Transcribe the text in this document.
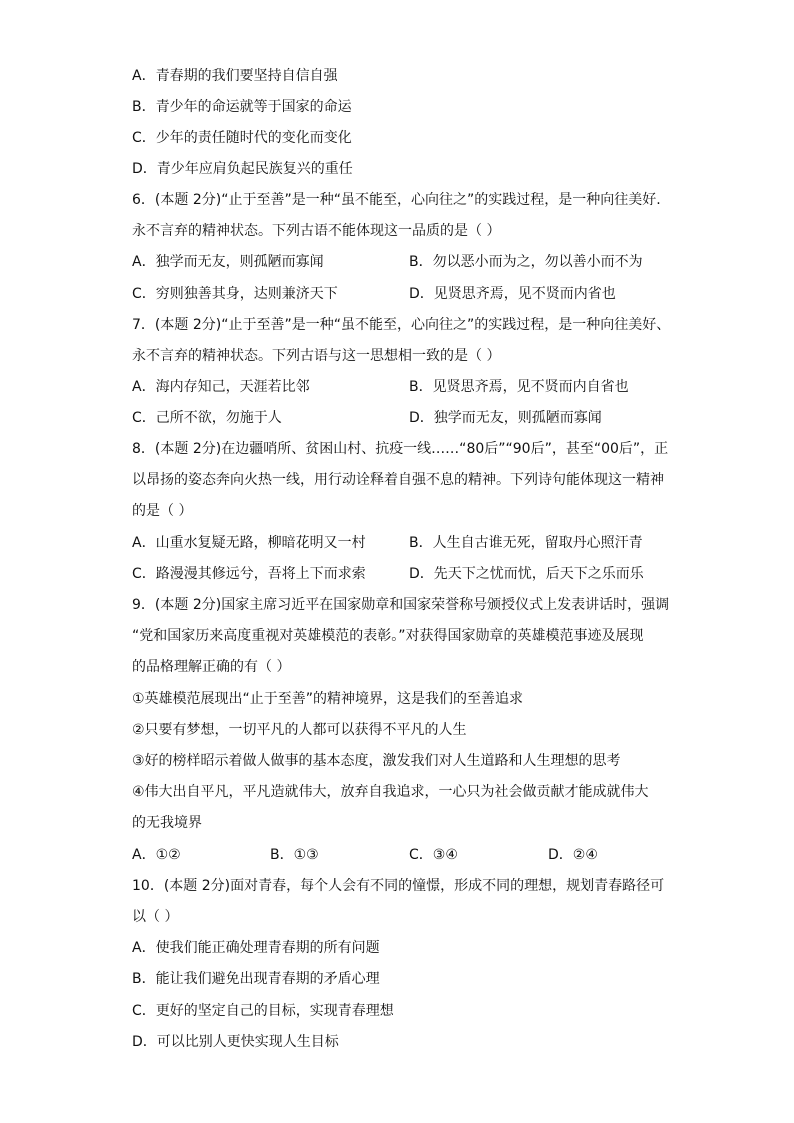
A．青春期的我们要坚持自信自强
B．青少年的命运就等于国家的命运
C．少年的责任随时代的变化而变化
D．青少年应肩负起民族复兴的重任
6．(本题 2分)“止于至善”是一种“虽不能至，心向往之”的实践过程，是一种向往美好.
永不言弃的精神状态。下列古语不能体现这一品质的是（ ）
A．独学而无友，则孤陋而寡闻	B．勿以恶小而为之，勿以善小而不为
C．穷则独善其身，达则兼济天下	D．见贤思齐焉，见不贤而内省也
7．(本题 2分)“止于至善”是一种“虽不能至，心向往之”的实践过程，是一种向往美好、
永不言弃的精神状态。下列古语与这一思想相一致的是（ ）
A．海内存知己，天涯若比邻	B．见贤思齐焉，见不贤而内自省也
C．己所不欲，勿施于人	D．独学而无友，则孤陋而寡闻
8．(本题 2分)在边疆哨所、贫困山村、抗疫一线……“80后”“90后”，甚至“00后”，正
以昂扬的姿态奔向火热一线，用行动诠释着自强不息的精神。下列诗句能体现这一精神
的是（ ）
A．山重水复疑无路，柳暗花明又一村	B．人生自古谁无死，留取丹心照汗青
C．路漫漫其修远兮，吾将上下而求索	D．先天下之忧而忧，后天下之乐而乐
9．(本题 2分)国家主席习近平在国家勋章和国家荣誉称号颁授仪式上发表讲话时，强调
“党和国家历来高度重视对英雄模范的表彰。”对获得国家勋章的英雄模范事迹及展现
的品格理解正确的有（ ）
①英雄模范展现出“止于至善”的精神境界，这是我们的至善追求
②只要有梦想，一切平凡的人都可以获得不平凡的人生
③好的榜样昭示着做人做事的基本态度，激发我们对人生道路和人生理想的思考
④伟大出自平凡，平凡造就伟大，放弃自我追求，一心只为社会做贡献才能成就伟大
的无我境界
A．①②	B．①③	C．③④	D．②④
10．(本题 2分)面对青春，每个人会有不同的憧憬，形成不同的理想，规划青春路径可
以（ ）
A．使我们能正确处理青春期的所有问题
B．能让我们避免出现青春期的矛盾心理
C．更好的坚定自己的目标，实现青春理想
D．可以比别人更快实现人生目标
